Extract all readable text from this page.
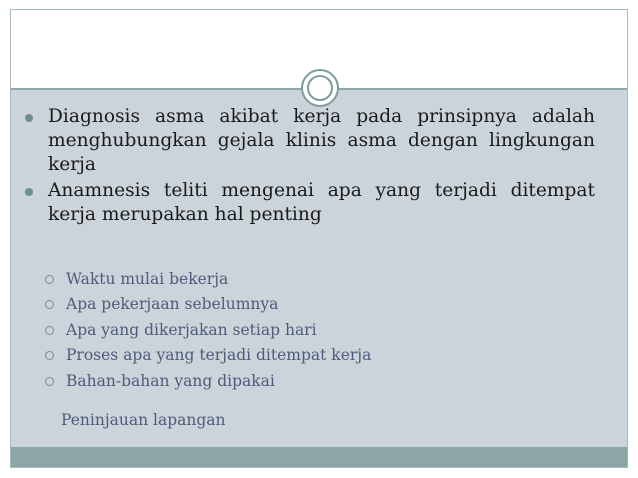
Diagnosis asma akibat kerja pada prinsipnya adalah menghubungkan gejala klinis asma dengan lingkungan kerja
Anamnesis teliti mengenai apa yang terjadi ditempat kerja merupakan hal penting
Waktu mulai bekerja
Apa pekerjaan sebelumnya
Apa yang dikerjakan setiap hari
Proses apa yang terjadi ditempat kerja
Bahan-bahan yang dipakai
Peninjauan lapangan
